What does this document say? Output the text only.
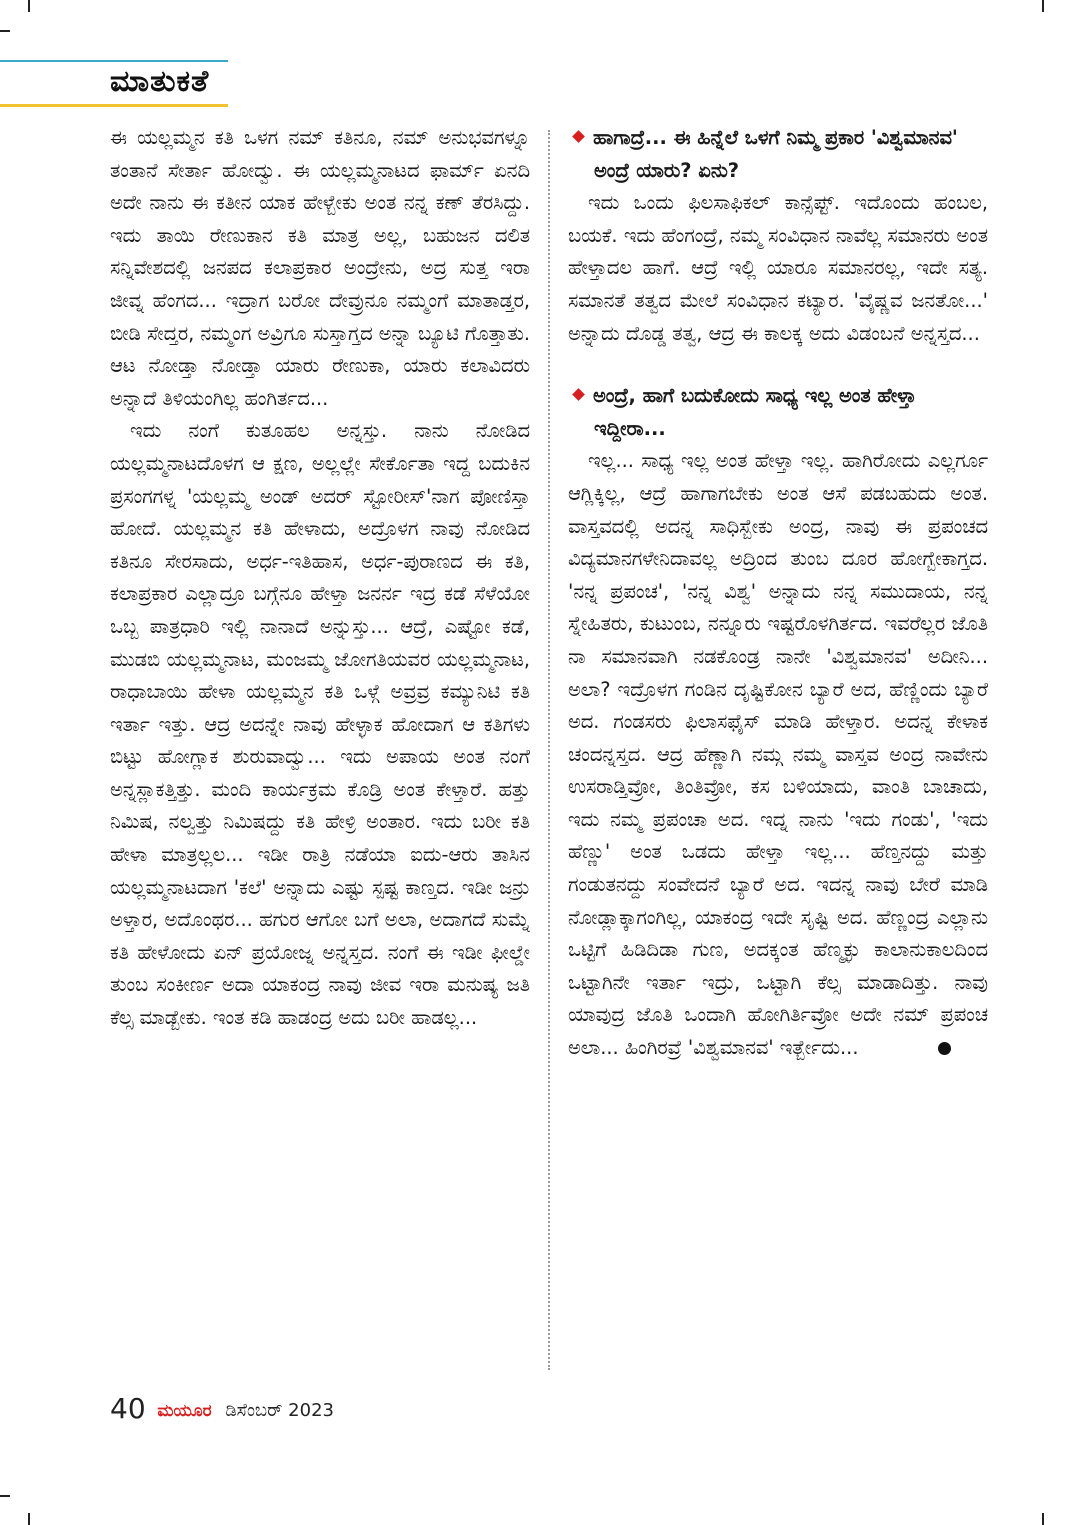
ಮಾತುಕತೆ

ಈ ಯಲ್ಲಮ್ಮನ ಕತಿ ಒಳಗ ನಮ್ ಕತಿನೂ, ನಮ್ ಅನುಭವಗಳ್ನೂ ತಂತಾನೆ ಸೇರ್ತಾ ಹೋದ್ವು. ಈ ಯಲ್ಲಮ್ಮನಾಟದ ಫಾರ್ಮ್ ಏನದಿ ಅದೇ ನಾನು ಈ ಕತೀನ ಯಾಕ ಹೇಳ್ಬೇಕು ಅಂತ ನನ್ನ ಕಣ್ ತೆರಸಿದ್ದು. ಇದು ತಾಯಿ ರೇಣುಕಾನ ಕತಿ ಮಾತ್ರ ಅಲ್ಲ, ಬಹುಜನ ದಲಿತ ಸನ್ನಿವೇಶದಲ್ಲಿ ಜನಪದ ಕಲಾಪ್ರಕಾರ ಅಂದ್ರೇನು, ಅದ್ರ ಸುತ್ತ ಇರಾ ಜೀವ್ನ ಹೆಂಗದ... ಇದ್ರಾಗ ಬರೋ ದೇವ್ರುನೂ ನಮ್ಮಂಗೆ ಮಾತಾಡ್ತರ, ಬೀಡಿ ಸೇದ್ತರ, ನಮ್ಮಂಗ ಅವ್ರಿಗೂ ಸುಸ್ತಾಗ್ತದ ಅನ್ನಾ ಬ್ಯೂಟಿ ಗೊತ್ತಾತು. ಆಟ ನೋಡ್ತಾ ನೋಡ್ತಾ ಯಾರು ರೇಣುಕಾ, ಯಾರು ಕಲಾವಿದರು ಅನ್ನಾದೆ ತಿಳಿಯಂಗಿಲ್ಲ ಹಂಗಿರ್ತದ...

ಇದು ನಂಗೆ ಕುತೂಹಲ ಅನ್ನಸ್ತು. ನಾನು ನೋಡಿದ ಯಲ್ಲಮ್ಮನಾಟದೊಳಗ ಆ ಕ್ಷಣ, ಅಲ್ಲಲ್ಲೇ ಸೇರ್ಕೊತಾ ಇದ್ದ ಬದುಕಿನ ಪ್ರಸಂಗಗಳ್ನ 'ಯಲ್ಲಮ್ಮ ಅಂಡ್ ಅದರ್ ಸ್ಟೋರೀಸ್'ನಾಗ ಪೋಣಿಸ್ತಾ ಹೋದೆ. ಯಲ್ಲಮ್ಮನ ಕತಿ ಹೇಳಾದು, ಅದ್ರೊಳಗ ನಾವು ನೋಡಿದ ಕತಿನೂ ಸೇರಸಾದು, ಅರ್ಧ-ಇತಿಹಾಸ, ಅರ್ಧ-ಪುರಾಣದ ಈ ಕತಿ, ಕಲಾಪ್ರಕಾರ ಎಲ್ಲಾದ್ರೂ ಬಗ್ಗೆನೂ ಹೇಳ್ತಾ ಜನರ್ನ ಇದ್ರ ಕಡೆ ಸೆಳೆಯೋ ಒಬ್ಬ ಪಾತ್ರಧಾರಿ ಇಲ್ಲಿ ನಾನಾದೆ ಅನ್ನುಸ್ತು... ಆದ್ರೆ, ಎಷ್ಟೋ ಕಡೆ, ಮುಡಬಿ ಯಲ್ಲಮ್ಮನಾಟ, ಮಂಜಮ್ಮ ಜೋಗತಿಯವರ ಯಲ್ಲಮ್ಮನಾಟ, ರಾಧಾಬಾಯಿ ಹೇಳಾ ಯಲ್ಲಮ್ಮನ ಕತಿ ಒಳ್ಗೆ ಅವ್ರವ್ರ ಕಮ್ಯುನಿಟಿ ಕತಿ ಇರ್ತಾ ಇತ್ತು. ಆದ್ರ ಅದನ್ನೇ ನಾವು ಹೇಳ್ಳಾಕ ಹೋದಾಗ ಆ ಕತಿಗಳು ಬಿಟ್ಟು ಹೋಗ್ಲಾಕ ಶುರುವಾದ್ವು... ಇದು ಅಪಾಯ ಅಂತ ನಂಗೆ ಅನ್ನಸ್ಲಾಕತ್ತಿತ್ತು. ಮಂದಿ ಕಾರ್ಯಕ್ರಮ ಕೊಡ್ರಿ ಅಂತ ಕೇಳ್ತಾರೆ. ಹತ್ತು ನಿಮಿಷ, ನಲ್ವತ್ತು ನಿಮಿಷದ್ದು ಕತಿ ಹೇಳ್ರಿ ಅಂತಾರ. ಇದು ಬರೀ ಕತಿ ಹೇಳಾ ಮಾತ್ರಲ್ಲಲ... ಇಡೀ ರಾತ್ರಿ ನಡೆಯಾ ಐದು-ಆರು ತಾಸಿನ ಯಲ್ಲಮ್ಮನಾಟದಾಗ 'ಕಲೆ' ಅನ್ನಾದು ಎಷ್ಟು ಸ್ಪಷ್ಟ ಕಾಣ್ತದ. ಇಡೀ ಜನ್ರು ಅಳ್ತಾರ, ಅದೊಂಥರ... ಹಗುರ ಆಗೋ ಬಗೆ ಅಲಾ, ಅದಾಗದೆ ಸುಮ್ನೆ ಕತಿ ಹೇಳೋದು ಏನ್ ಪ್ರಯೋಜ್ನ ಅನ್ನಸ್ತದ. ನಂಗೆ ಈ ಇಡೀ ಫೀಲ್ಡೇ ತುಂಬ ಸಂಕೀರ್ಣ ಅದಾ ಯಾಕಂದ್ರ ನಾವು ಜೀವ ಇರಾ ಮನುಷ್ಯ ಜತಿ ಕೆಲ್ಸ ಮಾಡ್ಬೇಕು. ಇಂತ ಕಡಿ ಹಾಡಂದ್ರ ಅದು ಬರೀ ಹಾಡಲ್ಲ...

ಹಾಗಾದ್ರೆ... ಈ ಹಿನ್ನೆಲೆ ಒಳಗೆ ನಿಮ್ಮ ಪ್ರಕಾರ 'ವಿಶ್ವಮಾನವ' ಅಂದ್ರೆ ಯಾರು? ಏನು?

ಇದು ಒಂದು ಫಿಲಸಾಫಿಕಲ್ ಕಾನ್ಸೆಪ್ಟ್. ಇದೊಂದು ಹಂಬಲ, ಬಯಕೆ. ಇದು ಹೆಂಗಂದ್ರೆ, ನಮ್ಮ ಸಂವಿಧಾನ ನಾವೆಲ್ಲ ಸಮಾನರು ಅಂತ ಹೇಳ್ತಾದಲ ಹಾಗೆ. ಆದ್ರೆ ಇಲ್ಲಿ ಯಾರೂ ಸಮಾನರಲ್ಲ, ಇದೇ ಸತ್ಯ. ಸಮಾನತೆ ತತ್ವದ ಮೇಲೆ ಸಂವಿಧಾನ ಕಟ್ಯಾರ. 'ವೈಷ್ಣವ ಜನತೋ...' ಅನ್ನಾದು ದೊಡ್ಡ ತತ್ವ, ಆದ್ರ ಈ ಕಾಲಕ್ಕ ಅದು ವಿಡಂಬನೆ ಅನ್ನಸ್ತದ...

ಅಂದ್ರೆ, ಹಾಗೆ ಬದುಕೋದು ಸಾಧ್ಯ ಇಲ್ಲ ಅಂತ ಹೇಳ್ತಾ ಇದ್ದೀರಾ...

ಇಲ್ಲ... ಸಾಧ್ಯ ಇಲ್ಲ ಅಂತ ಹೇಳ್ತಾ ಇಲ್ಲ. ಹಾಗಿರೋದು ಎಲ್ಲರ್ಗೂ ಆಗ್ಲಿಕ್ಕಿಲ್ಲ, ಆದ್ರೆ ಹಾಗಾಗಬೇಕು ಅಂತ ಆಸೆ ಪಡಬಹುದು ಅಂತ. ವಾಸ್ತವದಲ್ಲಿ ಅದನ್ನ ಸಾಧಿಸ್ಬೇಕು ಅಂದ್ರ, ನಾವು ಈ ಪ್ರಪಂಚದ ವಿದ್ಯಮಾನಗಳೇನಿದಾವಲ್ಲ ಅದ್ರಿಂದ ತುಂಬ ದೂರ ಹೋಗ್ಬೇಕಾಗ್ತದ. 'ನನ್ನ ಪ್ರಪಂಚ', 'ನನ್ನ ವಿಶ್ವ' ಅನ್ನಾದು ನನ್ನ ಸಮುದಾಯ, ನನ್ನ ಸ್ನೇಹಿತರು, ಕುಟುಂಬ, ನನ್ನೂರು ಇಷ್ಟರೊಳಗಿರ್ತದ. ಇವರೆಲ್ಲರ ಜೊತಿ ನಾ ಸಮಾನವಾಗಿ ನಡಕೊಂಡ್ರ ನಾನೇ 'ವಿಶ್ವಮಾನವ' ಅದೀನಿ... ಅಲಾ? ಇದ್ರೊಳಗ ಗಂಡಿನ ದೃಷ್ಟಿಕೋನ ಬ್ಯಾರೆ ಅದ, ಹೆಣ್ಣಿಂದು ಬ್ಯಾರೆ ಅದ. ಗಂಡಸರು ಫಿಲಾಸಫೈಸ್ ಮಾಡಿ ಹೇಳ್ತಾರ. ಅದನ್ನ ಕೇಳಾಕ ಚಂದನ್ನಸ್ತದ. ಆದ್ರ ಹೆಣ್ಣಾಗಿ ನಮ್ಗ ನಮ್ಮ ವಾಸ್ತವ ಅಂದ್ರ ನಾವೇನು ಉಸರಾಡ್ತಿವ್ರೋ, ತಿಂತಿವ್ರೋ, ಕಸ ಬಳಿಯಾದು, ವಾಂತಿ ಬಾಚಾದು, ಇದು ನಮ್ಮ ಪ್ರಪಂಚಾ ಅದ. ಇದ್ನ ನಾನು 'ಇದು ಗಂಡು', 'ಇದು ಹೆಣ್ಣು' ಅಂತ ಒಡದು ಹೇಳ್ತಾ ಇಲ್ಲ... ಹೆಣ್ತನದ್ದು ಮತ್ತು ಗಂಡುತನದ್ದು ಸಂವೇದನೆ ಬ್ಯಾರೆ ಅದ. ಇದನ್ನ ನಾವು ಬೇರೆ ಮಾಡಿ ನೋಡ್ಲಾಕ್ಕಾಗಂಗಿಲ್ಲ, ಯಾಕಂದ್ರ ಇದೇ ಸೃಷ್ಟಿ ಅದ. ಹೆಣ್ಣಂದ್ರ ಎಲ್ಲಾನು ಒಟ್ಟಿಗೆ ಹಿಡಿದಿಡಾ ಗುಣ, ಅದಕ್ಕಂತ ಹೆಣ್ಮಕ್ಳು ಕಾಲಾನುಕಾಲದಿಂದ ಒಟ್ಟಾಗಿನೇ ಇರ್ತಾ ಇದ್ರು, ಒಟ್ಟಾಗಿ ಕೆಲ್ಸ ಮಾಡಾದಿತ್ತು. ನಾವು ಯಾವುದ್ರ ಜೊತಿ ಒಂದಾಗಿ ಹೋಗಿರ್ತಿವ್ರೋ ಅದೇ ನಮ್ ಪ್ರಪಂಚ ಅಲಾ... ಹಿಂಗಿರವ್ರೆ 'ವಿಶ್ವಮಾನವ' ಇರ್ತ್ಬೇದು...

40 ಮಯೂರ ಡಿಸೆಂಬರ್ 2023
